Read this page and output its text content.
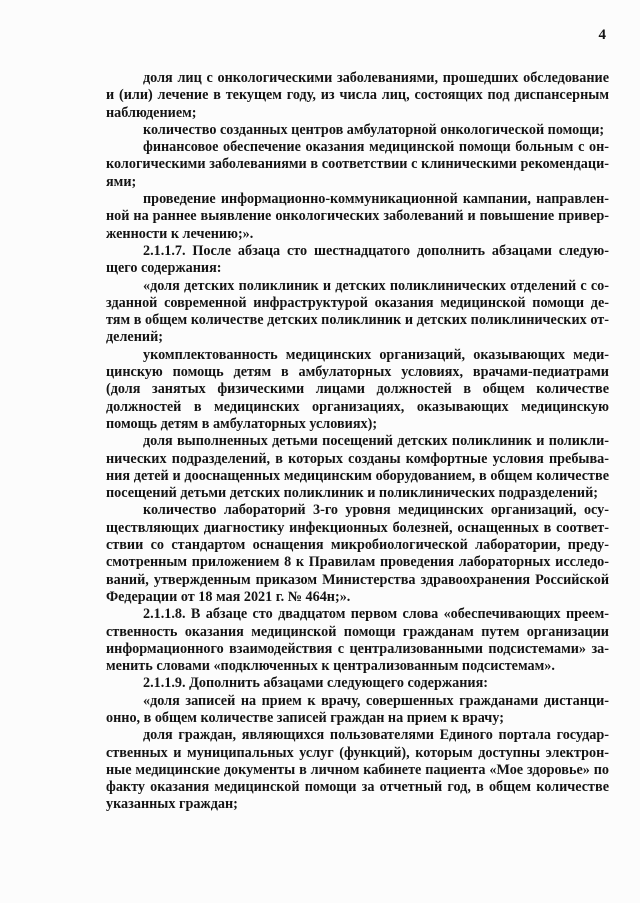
4

доля лиц с онкологическими заболеваниями, прошедших обследование и (или) лечение в текущем году, из числа лиц, состоящих под диспансерным наблюдением;

количество созданных центров амбулаторной онкологической помощи;

финансовое обеспечение оказания медицинской помощи больным с онкологическими заболеваниями в соответствии с клиническими рекомендациями;

проведение информационно-коммуникационной кампании, направленной на раннее выявление онкологических заболеваний и повышение приверженности к лечению;».

2.1.1.7. После абзаца сто шестнадцатого дополнить абзацами следующего содержания:

«доля детских поликлиник и детских поликлинических отделений с созданной современной инфраструктурой оказания медицинской помощи детям в общем количестве детских поликлиник и детских поликлинических отделений;

укомплектованность медицинских организаций, оказывающих медицинскую помощь детям в амбулаторных условиях, врачами-педиатрами (доля занятых физическими лицами должностей в общем количестве должностей в медицинских организациях, оказывающих медицинскую помощь детям в амбулаторных условиях);

доля выполненных детьми посещений детских поликлиник и поликлинических подразделений, в которых созданы комфортные условия пребывания детей и дооснащенных медицинским оборудованием, в общем количестве посещений детьми детских поликлиник и поликлинических подразделений;

количество лабораторий 3-го уровня медицинских организаций, осуществляющих диагностику инфекционных болезней, оснащенных в соответствии со стандартом оснащения микробиологической лаборатории, предусмотренным приложением 8 к Правилам проведения лабораторных исследований, утвержденным приказом Министерства здравоохранения Российской Федерации от 18 мая 2021 г. № 464н;».

2.1.1.8. В абзаце сто двадцатом первом слова «обеспечивающих преемственность оказания медицинской помощи гражданам путем организации информационного взаимодействия с централизованными подсистемами» заменить словами «подключенных к централизованным подсистемам».

2.1.1.9. Дополнить абзацами следующего содержания:

«доля записей на прием к врачу, совершенных гражданами дистанционно, в общем количестве записей граждан на прием к врачу;

доля граждан, являющихся пользователями Единого портала государственных и муниципальных услуг (функций), которым доступны электронные медицинские документы в личном кабинете пациента «Мое здоровье» по факту оказания медицинской помощи за отчетный год, в общем количестве указанных граждан;
